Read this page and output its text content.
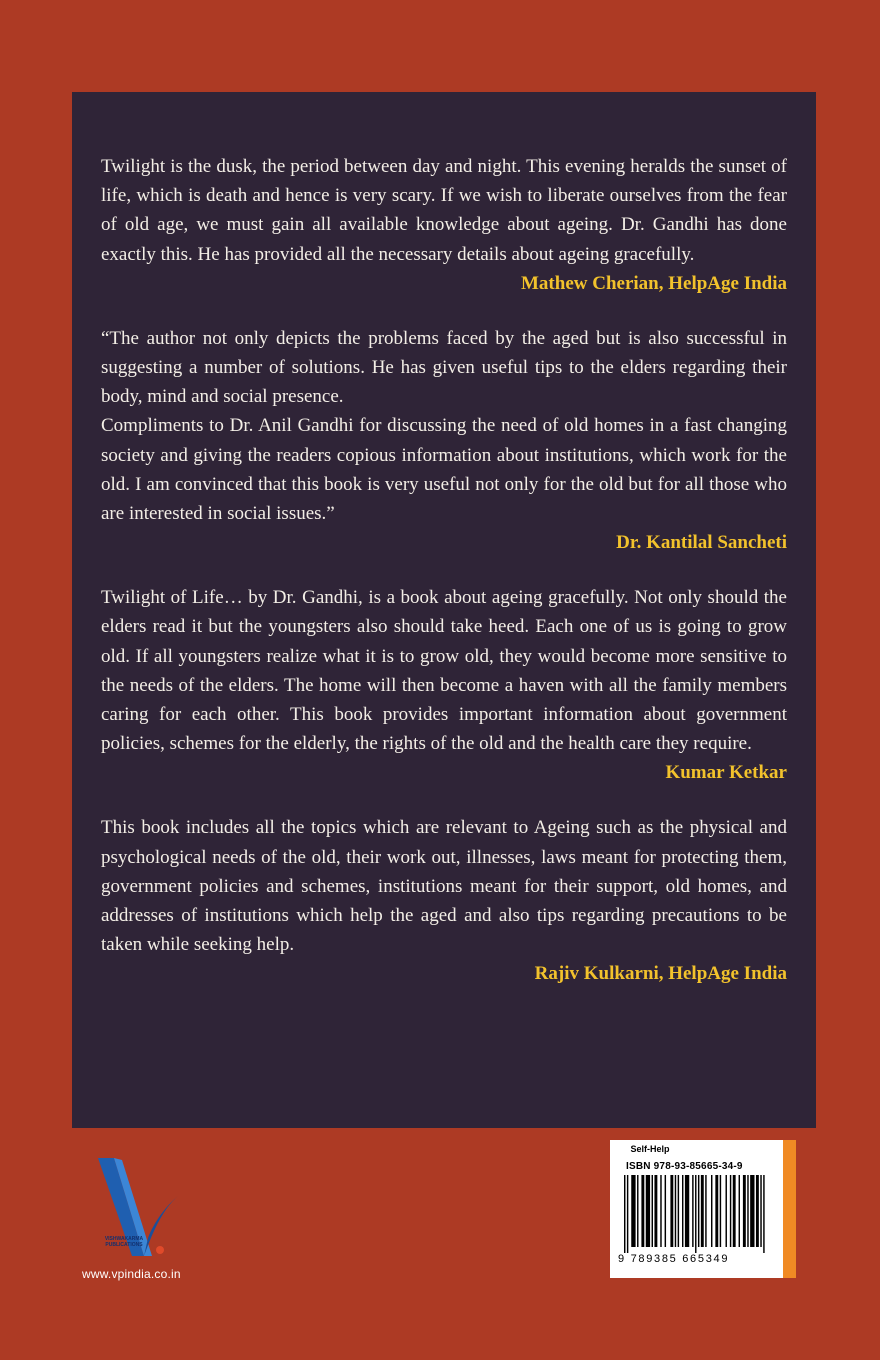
Twilight is the dusk, the period between day and night. This evening heralds the sunset of life, which is death and hence is very scary. If we wish to liberate ourselves from the fear of old age, we must gain all available knowledge about ageing. Dr. Gandhi has done exactly this. He has provided all the necessary details about ageing gracefully.

Mathew Cherian, HelpAge India

“The author not only depicts the problems faced by the aged but is also successful in suggesting a number of solutions. He has given useful tips to the elders regarding their body, mind and social presence.

Compliments to Dr. Anil Gandhi for discussing the need of old homes in a fast changing society and giving the readers copious information about institutions, which work for the old. I am convinced that this book is very useful not only for the old but for all those who are interested in social issues.”

Dr. Kantilal Sancheti

Twilight of Life… by Dr. Gandhi, is a book about ageing gracefully. Not only should the elders read it but the youngsters also should take heed. Each one of us is going to grow old. If all youngsters realize what it is to grow old, they would become more sensitive to the needs of the elders. The home will then become a haven with all the family members caring for each other. This book provides important information about government policies, schemes for the elderly, the rights of the old and the health care they require.

Kumar Ketkar

This book includes all the topics which are relevant to Ageing such as the physical and psychological needs of the old, their work out, illnesses, laws meant for protecting them, government policies and schemes, institutions meant for their support, old homes, and addresses of institutions which help the aged and also tips regarding precautions to be taken while seeking help.

Rajiv Kulkarni, HelpAge India

VISHWAKARMA PUBLICATIONS
www.vpindia.co.in
Self-Help
ISBN 978-93-85665-34-9
9 789385 665349
